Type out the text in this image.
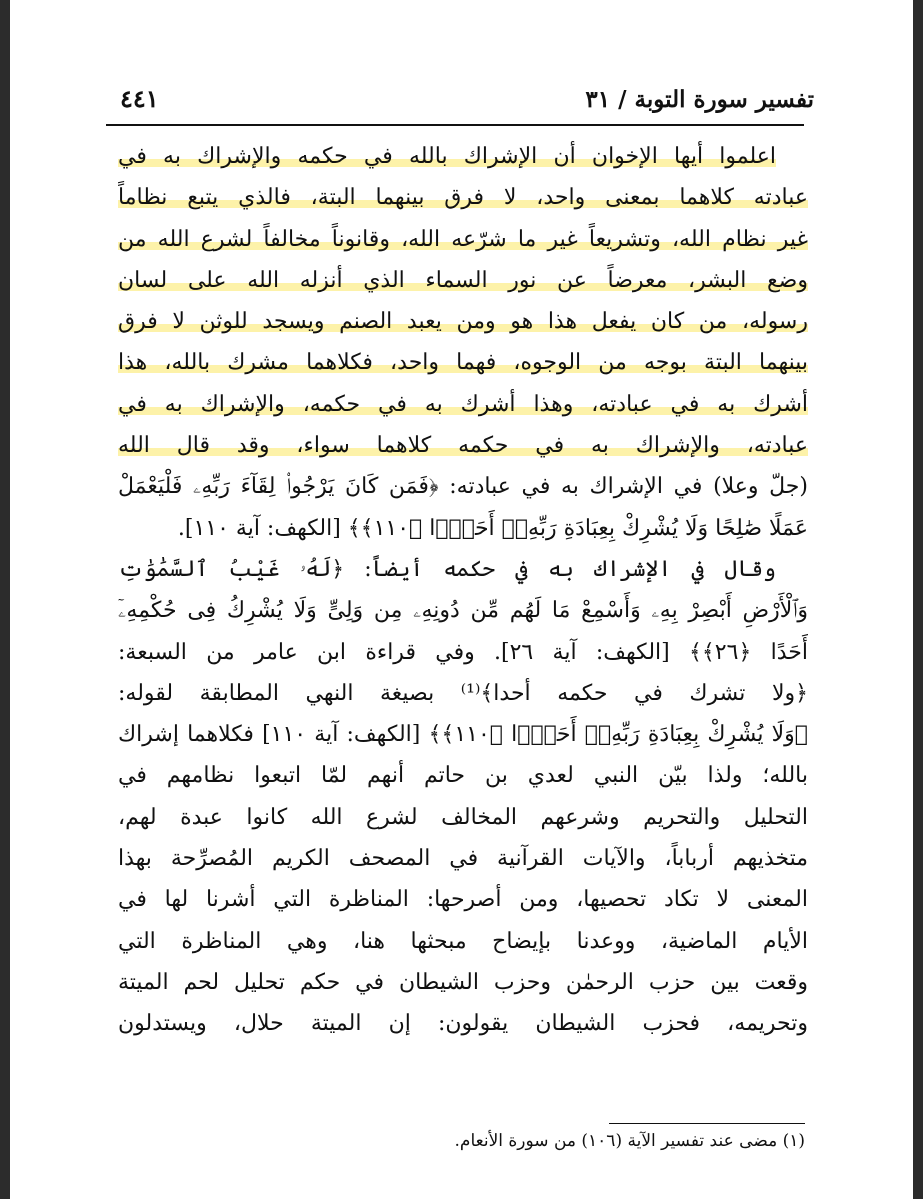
تفسير سورة التوبة / ٣١
٤٤١
اعلموا أيها الإخوان أن الإشراك بالله في حكمه والإشراك به في
عبادته كلاهما بمعنى واحد، لا فرق بينهما البتة، فالذي يتبع نظاماً
غير نظام الله، وتشريعاً غير ما شرّعه الله، وقانوناً مخالفاً لشرع الله من
وضع البشر، معرضاً عن نور السماء الذي أنزله الله على لسان
رسوله، من كان يفعل هذا هو ومن يعبد الصنم ويسجد للوثن لا فرق
بينهما البتة بوجه من الوجوه، فهما واحد، فكلاهما مشرك بالله، هذا
أشرك به في عبادته، وهذا أشرك به في حكمه، والإشراك به في
عبادته، والإشراك به في حكمه كلاهما سواء، وقد قال الله
(جلّ وعلا) في الإشراك به في عبادته: ﴿فَمَن كَانَ يَرْجُوا۟ لِقَآءَ رَبِّهِۦ فَلْيَعْمَلْ
عَمَلًا صَٰلِحًا وَلَا يُشْرِكْ بِعِبَادَةِ رَبِّهِۦٓ أَحَدًۢا ﴿١١٠﴾﴾ [الكهف: آية ١١٠].
وقال في الإشراك به في حكمه أيضاً: ﴿لَهُۥ غَيْبُ ٱلسَّمَٰوَٰتِ
وَٱلْأَرْضِ أَبْصِرْ بِهِۦ وَأَسْمِعْ مَا لَهُم مِّن دُونِهِۦ مِن وَلِىٍّ وَلَا يُشْرِكُ فِى حُكْمِهِۦٓ
أَحَدًا ﴿٢٦﴾﴾ [الكهف: آية ٢٦]. وفي قراءة ابن عامر من السبعة:
﴿ولا تشرك في حكمه أحدا﴾⁽¹⁾ بصيغة النهي المطابقة لقوله:
﴿وَلَا يُشْرِكْ بِعِبَادَةِ رَبِّهِۦٓ أَحَدًۢا ﴿١١٠﴾﴾ [الكهف: آية ١١٠] فكلاهما إشراك
بالله؛ ولذا بيّن النبي لعدي بن حاتم أنهم لمّا اتبعوا نظامهم في
التحليل والتحريم وشرعهم المخالف لشرع الله كانوا عبدة لهم،
متخذيهم أرباباً، والآيات القرآنية في المصحف الكريم المُصرِّحة بهذا
المعنى لا تكاد تحصيها، ومن أصرحها: المناظرة التي أشرنا لها في
الأيام الماضية، ووعدنا بإيضاح مبحثها هنا، وهي المناظرة التي
وقعت بين حزب الرحمٰن وحزب الشيطان في حكم تحليل لحم الميتة
وتحريمه، فحزب الشيطان يقولون: إن الميتة حلال، ويستدلون
(١) مضى عند تفسير الآية (١٠٦) من سورة الأنعام.
